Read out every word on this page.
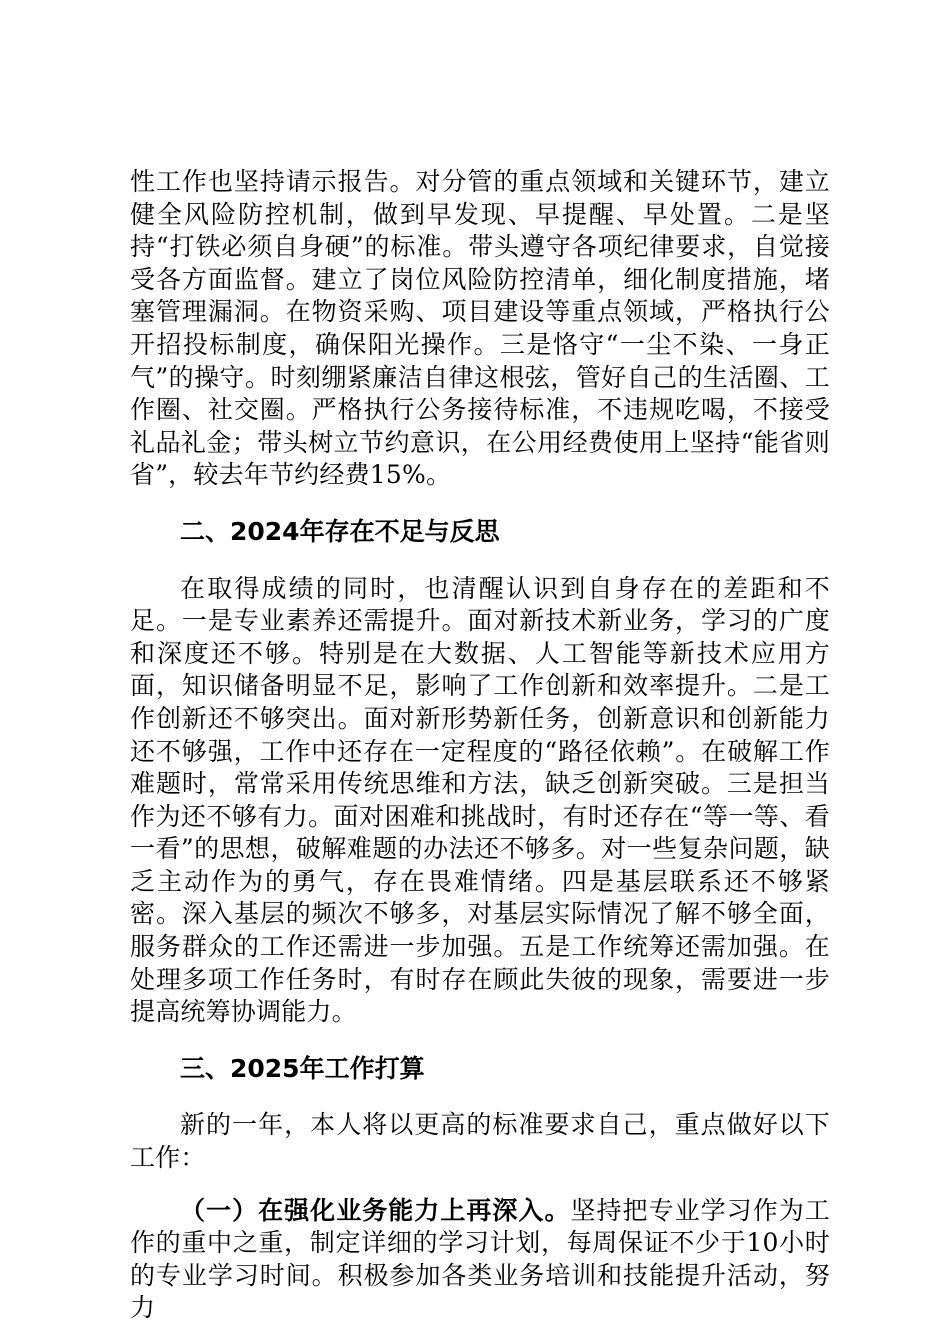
性工作也坚持请示报告。对分管的重点领域和关键环节，建立健全风险防控机制，做到早发现、早提醒、早处置。二是坚持“打铁必须自身硬”的标准。带头遵守各项纪律要求，自觉接受各方面监督。建立了岗位风险防控清单，细化制度措施，堵塞管理漏洞。在物资采购、项目建设等重点领域，严格执行公开招投标制度，确保阳光操作。三是恪守“一尘不染、一身正气”的操守。时刻绷紧廉洁自律这根弦，管好自己的生活圈、工作圈、社交圈。严格执行公务接待标准，不违规吃喝，不接受礼品礼金；带头树立节约意识，在公用经费使用上坚持“能省则省”，较去年节约经费15%。

二、2024年存在不足与反思

在取得成绩的同时，也清醒认识到自身存在的差距和不足。一是专业素养还需提升。面对新技术新业务，学习的广度和深度还不够。特别是在大数据、人工智能等新技术应用方面，知识储备明显不足，影响了工作创新和效率提升。二是工作创新还不够突出。面对新形势新任务，创新意识和创新能力还不够强，工作中还存在一定程度的“路径依赖”。在破解工作难题时，常常采用传统思维和方法，缺乏创新突破。三是担当作为还不够有力。面对困难和挑战时，有时还存在“等一等、看一看”的思想，破解难题的办法还不够多。对一些复杂问题，缺乏主动作为的勇气，存在畏难情绪。四是基层联系还不够紧密。深入基层的频次不够多，对基层实际情况了解不够全面，服务群众的工作还需进一步加强。五是工作统筹还需加强。在处理多项工作任务时，有时存在顾此失彼的现象，需要进一步提高统筹协调能力。

三、2025年工作打算

新的一年，本人将以更高的标准要求自己，重点做好以下工作：

（一）在强化业务能力上再深入。坚持把专业学习作为工作的重中之重，制定详细的学习计划，每周保证不少于10小时的专业学习时间。积极参加各类业务培训和技能提升活动，努力
